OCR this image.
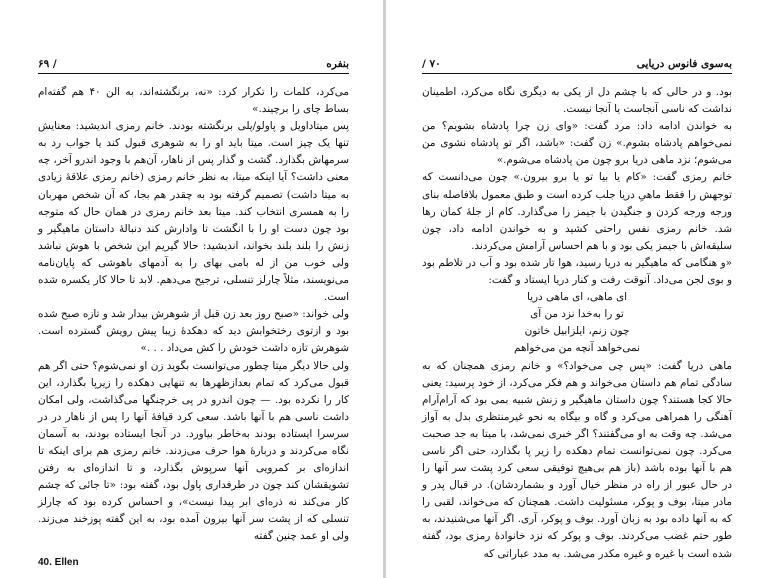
بنفره
/ ۶۹

می‌کرد، کلمات را تکرار کرد: «نه، برنگشته‌اند، به الن ۴۰ هم گفته‌ام بساط چای را برچیند.»

پس میتاداویل و پاولو/پلی برنگشته بودند. خانم رمزی اندیشید: معنایش تنها یک چیز است. میتا باید او را به شوهری قبول کند یا جواب رد به سرمهاش بگذارد. گشت و گذار پس از ناهار، آن‌هم با وجود اندرو آخر، چه معنی داشت؟ آیا اینکه میتا، به نظر خانم رمزی (خانم رمزی علاقهٔ زیادی به میتا داشت) تصمیم گرفته بود به چقدر هم بجا، که آن شخص مهربان را به همسری انتخاب کند. میتا بعد خانم رمزی در همان حال که متوجه بود چون دست او را با انگشت تا وادارش کند دنبالهٔ داستان ماهیگیر و زنش را بلند بلند بخواند، اندیشید: حالا گیریم این شخص با هوش نباشد ولی خوب من از له بامی بهای را به آدمهای باهوشی که پایان‌نامه می‌نویسند، مثلاً چارلز تنسلی، ترجیح می‌دهم. لابد تا حالا کار یکسره شده است.

ولی خواند: «صبح روز بعد زن قبل از شوهرش بیدار شد و تازه صبح شده بود و ازتوی رختخوابش دید که دهکدهٔ زیبا پیش رویش گسترده است. شوهرش تازه داشت خودش را کش می‌داد . . .»

ولی حالا دیگر میتا چطور می‌توانست بگوید زن او نمی‌شوم؟ حتی اگر هم قبول می‌کرد که تمام بعدازظهرها به تنهایی دهکده را زیرپا بگذارد، این کار را نکرده بود. — چون اندرو در پی خرچنگها می‌گذاشت، ولی امکان داشت ناسی هم با آنها باشد. سعی کرد قیافهٔ آنها را پس از ناهار در در سرسرا ایستاده بودند به‌خاطر بیاورد. در آنجا ایستاده بودند، به آسمان نگاه می‌کردند و دربارهٔ هوا حرف می‌زدند. خانم رمزی هم برای اینکه تا اندازه‌ای بر کمرویی آنها سرپوش بگذارد، و تا اندازه‌ای به رفتن تشویقشان کند چون در طرفداری پاول بود، گفته بود: «تا جائی که چشم کار می‌کند نه ذره‌ای ابر پیدا نیست»، و احساس کرده بود که چارلز تنسلی که از پشت سر آنها بیرون آمده بود، به این گفته پوزخند می‌زند. ولی او عمد چنین گفته

40. Ellen
به‌سوی فانوس دریایی
۷۰ /

بود. و در حالی که با چشم دل از یکی به دیگری نگاه می‌کرد، اطمینان نداشت که ناسی آنجاست یا آنجا نیست.

به خواندن ادامه داد: مرد گفت: «وای زن چرا پادشاه بشویم؟ من نمی‌خواهم پادشاه بشوم.» زن گفت: «باشد، اگر تو پادشاه نشوی من می‌شوم؛ نزد ماهی دریا برو چون من پادشاه می‌شوم.»

خانم رمزی گفت: «کام یا بیا تو یا برو بیرون.» چون می‌دانست که توجهش را فقط ماهیِ دریا جلب کرده است و طبق معمول بلافاصله بنای ورجه ورجه کردن و جنگیدن با جیمز را می‌گذارد. کام از جلهٔ کمان رها شد. خانم رمزی نفس راحتی کشید و به خواندن ادامه داد، چون سلیقه‌اش با جیمز یکی بود و با هم احساس آرامش می‌کردند.

«و هنگامی که ماهیگیر به دریا رسید، هوا تار شده بود و آب در تلاطم بود و بوی لجن می‌داد. آنوقت رفت و کنار دریا ایستاد و گفت:

ای ماهی، ای ماهی دریا

تو را به‌خدا نزد من آی

چون زنم، ایلزابیل خاتون

نمی‌خواهد آنچه من می‌خواهم

ماهی دریا گفت: «پس چی می‌خواد؟» و خانم رمزی همچنان که به سادگی تمام هم داستان می‌خواند و هم فکر می‌کرد، از خود پرسید: یعنی حالا کجا هستند؟ چون داستان ماهیگیر و زنش شبیه بمی بود که آرام‌آرام آهنگی را همراهی می‌کرد و گاه و بیگاه به نحو غیرمنتظری بدل به آواز می‌شد. چه وقت به او می‌گفتند؟ اگر خبری نمی‌شد، با میتا به جد صحبت می‌کرد. چون نمی‌توانست تمام دهکده را زیر پا بگذارد، حتی اگر ناسی هم با آنها بوده باشد (باز هم بی‌هیچ توفیقی سعی کرد پشت سر آنها را در حال عبور از راه در منظر خیال آورد و بشماردشان). در قبال پدر و مادر میتا، بوف و پوکر، مسئولیت داشت. همچنان که می‌خواند، لقبی را که به آنها داده بود به زبان آورد. بوف و پوکر، آری. اگر آنها می‌شنیدند، به طور حتم غضب می‌کردند. بوف و پوکر که نزد خانوادهٔ رمزی بود، گفته شده است با غیره و غیره مکدر می‌شد. به مدد عباراتی که
